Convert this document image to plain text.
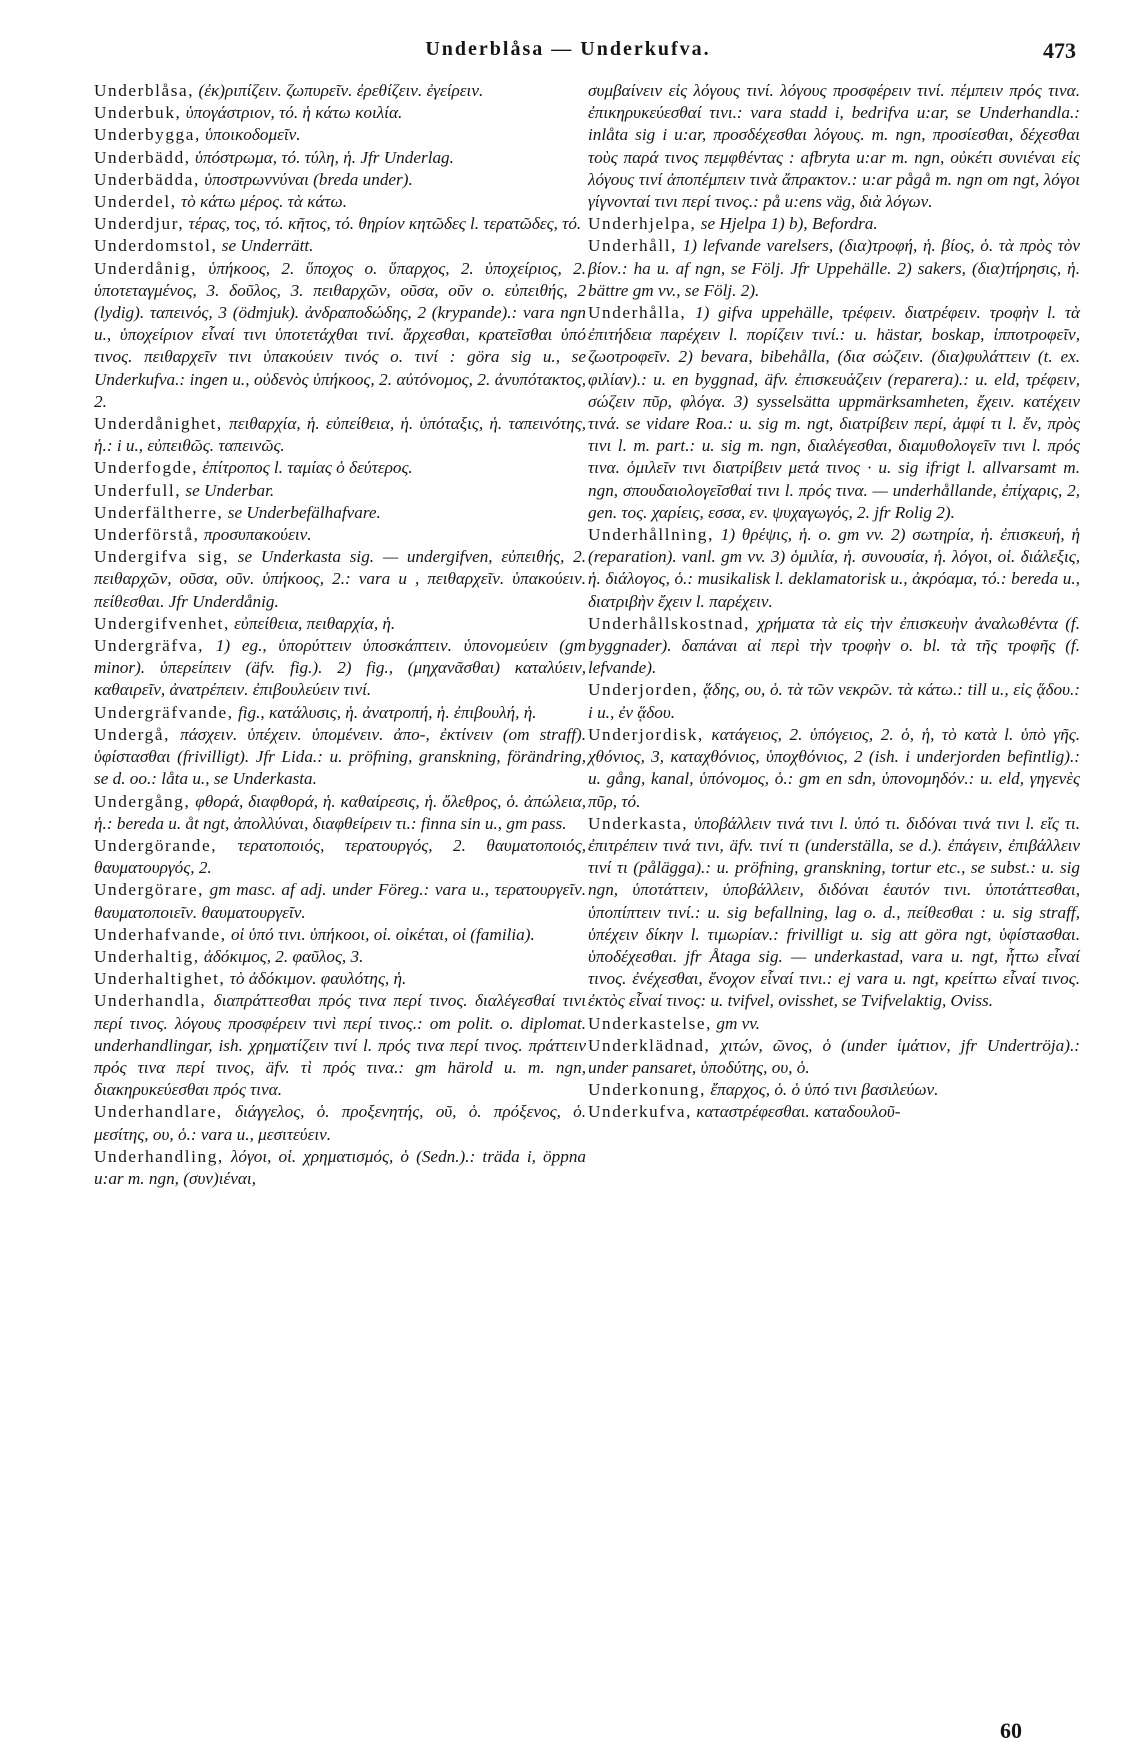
Underblåsa — Underkufva.	473

Underblåsa, (ἐκ)ριπίζειν. ζωπυρεῖν. ἐρεθίζειν. ἐγείρειν.

Underbuk, ὑπογάστριον, τό. ἡ κάτω κοιλία.

Underbygga, ὑποικοδομεῖν.

Underbädd, ὑπόστρωμα, τό. τύλη, ἡ. Jfr Underlag.

Underbädda, ὑποστρωννύναι (breda under).

Underdel, τὸ κάτω μέρος. τὰ κάτω.

Underdjur, τέρας, τος, τό. κῆτος, τό. θηρίον κητῶδες l. τερατῶδες, τό.

Underdomstol, se Underrätt.

Underdånig, ὑπήκοος, 2. ὕποχος o. ὕπαρχος, 2. ὑποχείριος, 2. ὑποτεταγμένος, 3. δοῦλος, 3. πειθαρχῶν, οῦσα, οῦν o. εὐπειθής, 2 (lydig). ταπεινός, 3 (ödmjuk). ἀνδραποδώδης, 2 (krypande).: vara ngn u., ὑποχείριον εἶναί τινι ὑποτετάχθαι τινί. ἄρχεσθαι, κρατεῖσθαι ὑπό τινος. πειθαρχεῖν τινι ὑπακούειν τινός o. τινί : göra sig u., se Underkufva.: ingen u., οὐδενὸς ὑπήκοος, 2. αὐτόνομος, 2. ἀνυπότακτος, 2.

Underdånighet, πειθαρχία, ἡ. εὐπείθεια, ἡ. ὑπόταξις, ἡ. ταπεινότης, ἡ.: i u., εὐπειθῶς. ταπεινῶς.

Underfogde, ἐπίτροπος l. ταμίας ὁ δεύτερος.

Underfull, se Underbar.

Underfältherre, se Underbefälhafvare.

Underförstå, προσυπακούειν.

Undergifva sig, se Underkasta sig. — undergifven, εὐπειθής, 2. πειθαρχῶν, οῦσα, οῦν. ὑπήκοος, 2.: vara u , πειθαρχεῖν. ὑπακούειν. πείθεσθαι. Jfr Underdånig.

Undergifvenhet, εὐπείθεια, πειθαρχία, ἡ.

Undergräfva, 1) eg., ὑπορύττειν ὑποσκάπτειν. ὑπονομεύειν (gm minor). ὑπερείπειν (äfv. fig.). 2) fig., (μηχανᾶσθαι) καταλύειν, καθαιρεῖν, ἀνατρέπειν. ἐπιβουλεύειν τινί.

Undergräfvande, fig., κατάλυσις, ἡ. ἀνατροπή, ἡ. ἐπιβουλή, ἡ.

Undergå, πάσχειν. ὑπέχειν. ὑπομένειν. ἀπο-, ἐκτίνειν (om straff). ὑφίστασθαι (frivilligt). Jfr Lida.: u. pröfning, granskning, förändring, se d. oo.: låta u., se Underkasta.

Undergång, φθορά, διαφθορά, ἡ. καθαίρεσις, ἡ. ὄλεθρος, ὁ. ἀπώλεια, ἡ.: bereda u. åt ngt, ἀπολλύναι, διαφθείρειν τι.: finna sin u., gm pass.

Undergörande, τερατοποιός, τερατουργός, 2. θαυματοποιός, θαυματουργός, 2.

Undergörare, gm masc. af adj. under Föreg.: vara u., τερατουργεῖν. θαυματοποιεῖν. θαυματουργεῖν.

Underhafvande, οἱ ὑπό τινι. ὑπήκοοι, οἱ. οἰκέται, οἱ (familia).

Underhaltig, ἀδόκιμος, 2. φαῦλος, 3.

Underhaltighet, τὸ ἀδόκιμον. φαυλότης, ἡ.

Underhandla, διαπράττεσθαι πρός τινα περί τινος. διαλέγεσθαί τινι περί τινος. λόγους προσφέρειν τινὶ περί τινος.: om polit. o. diplomat. underhandlingar, ish. χρηματίζειν τινί l. πρός τινα περί τινος. πράττειν πρός τινα περί τινος, äfv. τὶ πρός τινα.: gm härold u. m. ngn, διακηρυκεύεσθαι πρός τινα.

Underhandlare, διάγγελος, ὁ. προξενητής, οῦ, ὁ. πρόξενος, ὁ. μεσίτης, ου, ὁ.: vara u., μεσιτεύειν.

Underhandling, λόγοι, οἱ. χρηματισμός, ὁ (Sedn.).: träda i, öppna u:ar m. ngn, (συν)ιέναι,

συμβαίνειν εἰς λόγους τινί. λόγους προσφέρειν τινί. πέμπειν πρός τινα. ἐπικηρυκεύεσθαί τινι.: vara stadd i, bedrifva u:ar, se Underhandla.: inlåta sig i u:ar, προσδέχεσθαι λόγους. m. ngn, προσίεσθαι, δέχεσθαι τοὺς παρά τινος πεμφθέντας : afbryta u:ar m. ngn, οὐκέτι συνιέναι εἰς λόγους τινί ἀποπέμπειν τινὰ ἄπρακτον.: u:ar pågå m. ngn om ngt, λόγοι γίγνονταί τινι περί τινος.: på u:ens väg, διὰ λόγων.

Underhjelpa, se Hjelpa 1) b), Befordra.

Underhåll, 1) lefvande varelsers, (δια)τροφή, ἡ. βίος, ὁ. τὰ πρὸς τὸν βίον.: ha u. af ngn, se Följ. Jfr Uppehälle. 2) sakers, (δια)τήρησις, ἡ. bättre gm vv., se Följ. 2).

Underhålla, 1) gifva uppehälle, τρέφειν. διατρέφειν. τροφὴν l. τὰ ἐπιτήδεια παρέχειν l. πορίζειν τινί.: u. hästar, boskap, ἱπποτροφεῖν, ζωοτροφεῖν. 2) bevara, bibehålla, (δια σώζειν. (δια)φυλάττειν (t. ex. φιλίαν).: u. en byggnad, äfv. ἐπισκευάζειν (reparera).: u. eld, τρέφειν, σώζειν πῦρ, φλόγα. 3) sysselsätta uppmärksamheten, ἔχειν. κατέχειν τινά. se vidare Roa.: u. sig m. ngt, διατρίβειν περί, ἀμφί τι l. ἔν, πρὸς τινι l. m. part.: u. sig m. ngn, διαλέγεσθαι, διαμυθολογεῖν τινι l. πρός τινα. ὁμιλεῖν τινι διατρίβειν μετά τινος · u. sig ifrigt l. allvarsamt m. ngn, σπουδαιολογεῖσθαί τινι l. πρός τινα. — underhållande, ἐπίχαρις, 2, gen. τος. χαρίεις, εσσα, εν. ψυχαγωγός, 2. jfr Rolig 2).

Underhållning, 1) θρέψις, ἡ. o. gm vv. 2) σωτηρία, ἡ. ἐπισκευή, ἡ (reparation). vanl. gm vv. 3) ὁμιλία, ἡ. συνουσία, ἡ. λόγοι, οἱ. διάλεξις, ἡ. διάλογος, ὁ.: musikalisk l. deklamatorisk u., ἀκρόαμα, τό.: bereda u., διατριβὴν ἔχειν l. παρέχειν.

Underhållskostnad, χρήματα τὰ εἰς τὴν ἐπισκευὴν ἀναλωθέντα (f. byggnader). δαπάναι αἱ περὶ τὴν τροφὴν o. bl. τὰ τῆς τροφῆς (f. lefvande).

Underjorden, ᾅδης, ου, ὁ. τὰ τῶν νεκρῶν. τὰ κάτω.: till u., εἰς ᾅδου.: i u., ἐν ᾅδου.

Underjordisk, κατάγειος, 2. ὑπόγειος, 2. ὁ, ἡ, τὸ κατὰ l. ὑπὸ γῆς. χθόνιος, 3, καταχθόνιος, ὑποχθόνιος, 2 (ish. i underjorden befintlig).: u. gång, kanal, ὑπόνομος, ὁ.: gm en sdn, ὑπονομηδόν.: u. eld, γηγενὲς πῦρ, τό.

Underkasta, ὑποβάλλειν τινά τινι l. ὑπό τι. διδόναι τινά τινι l. εἴς τι. ἐπιτρέπειν τινά τινι, äfv. τινί τι (underställa, se d.). ἐπάγειν, ἐπιβάλλειν τινί τι (pålägga).: u. pröfning, granskning, tortur etc., se subst.: u. sig ngn, ὑποτάττειν, ὑποβάλλειν, διδόναι ἑαυτόν τινι. ὑποτάττεσθαι, ὑποπίπτειν τινί.: u. sig befallning, lag o. d., πείθεσθαι : u. sig straff, ὑπέχειν δίκην l. τιμωρίαν.: frivilligt u. sig att göra ngt, ὑφίστασθαι. ὑποδέχεσθαι. jfr Åtaga sig. — underkastad, vara u. ngt, ἧττω εἶναί τινος. ἐνέχεσθαι, ἔνοχον εἶναί τινι.: ej vara u. ngt, κρείττω εἶναί τινος. ἐκτὸς εἶναί τινος: u. tvifvel, ovisshet, se Tvifvelaktig, Oviss.

Underkastelse, gm vv.

Underklädnad, χιτών, ῶνος, ὁ (under ἱμάτιον, jfr Undertröja).: under pansaret, ὑποδύτης, ου, ὁ.

Underkonung, ἔπαρχος, ὁ. ὁ ὑπό τινι βασιλεύων.

Underkufva, καταστρέφεσθαι. καταδουλοῦ-

60
